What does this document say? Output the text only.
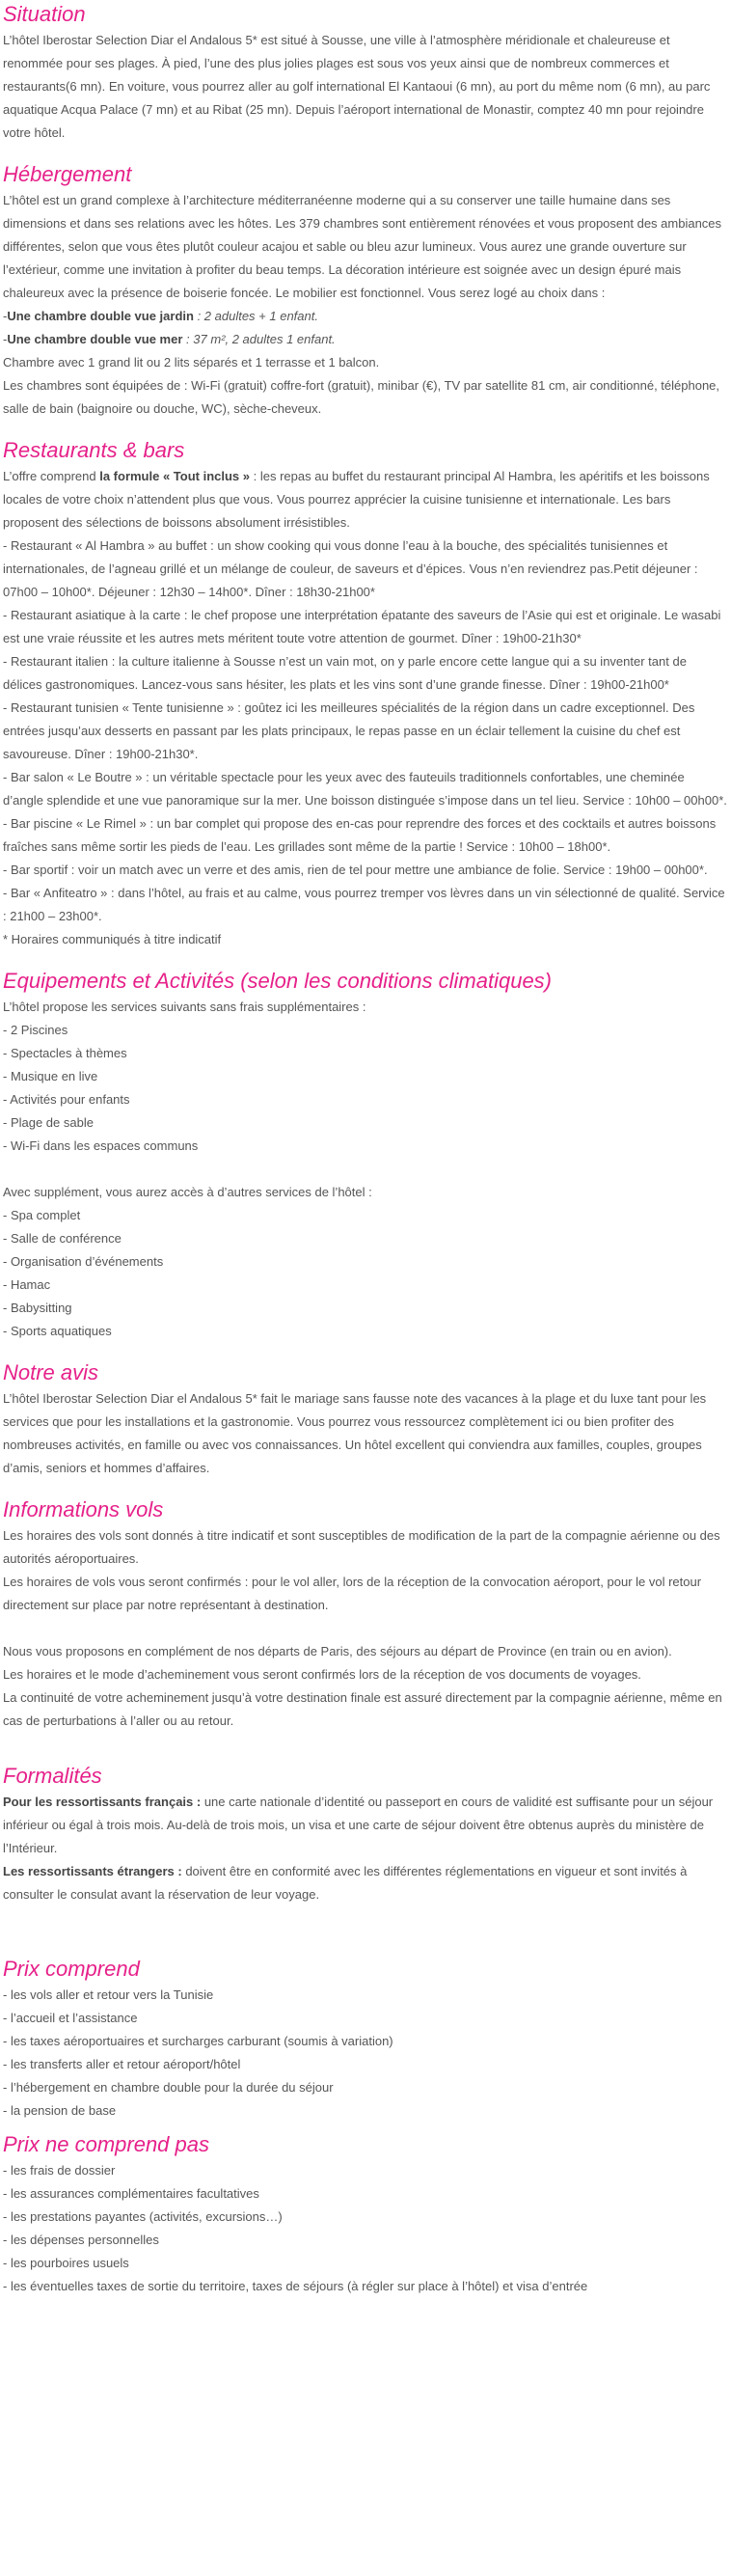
Situation

L’hôtel Iberostar Selection Diar el Andalous 5* est situé à Sousse, une ville à l’atmosphère méridionale et chaleureuse et renommée pour ses plages. À pied, l’une des plus jolies plages est sous vos yeux ainsi que de nombreux commerces et restaurants(6 mn). En voiture, vous pourrez aller au golf international El Kantaoui (6 mn), au port du même nom (6 mn), au parc aquatique Acqua Palace (7 mn) et au Ribat (25 mn). Depuis l’aéroport international de Monastir, comptez 40 mn pour rejoindre votre hôtel.

Hébergement

L’hôtel est un grand complexe à l’architecture méditerranéenne moderne qui a su conserver une taille humaine dans ses dimensions et dans ses relations avec les hôtes. Les 379 chambres sont entièrement rénovées et vous proposent des ambiances différentes, selon que vous êtes plutôt couleur acajou et sable ou bleu azur lumineux. Vous aurez une grande ouverture sur l’extérieur, comme une invitation à profiter du beau temps. La décoration intérieure est soignée avec un design épuré mais chaleureux avec la présence de boiserie foncée. Le mobilier est fonctionnel. Vous serez logé au choix dans :

-​Une chambre double vue jardin : 2 adultes + 1 enfant.

-​Une chambre double vue mer : 37 m², 2 adultes 1 enfant.

Chambre avec 1 grand lit ou 2 lits séparés et 1 terrasse et 1 balcon.

Les chambres sont équipées de : Wi-Fi (gratuit) coffre-fort (gratuit), minibar (€), TV par satellite 81 cm, air conditionné, téléphone, salle de bain (baignoire ou douche, WC), sèche-cheveux.

Restaurants & bars

L’offre comprend la formule « Tout inclus » : les repas au buffet du restaurant principal Al Hambra, les apéritifs et les boissons locales de votre choix n’attendent plus que vous. Vous pourrez apprécier la cuisine tunisienne et internationale. Les bars proposent des sélections de boissons absolument irrésistibles.

- Restaurant « Al Hambra » au buffet : un show cooking qui vous donne l’eau à la bouche, des spécialités tunisiennes et internationales, de l’agneau grillé et un mélange de couleur, de saveurs et d’épices. Vous n’en reviendrez pas.Petit déjeuner : 07h00 – 10h00*. Déjeuner : 12h30 – 14h00*. Dîner : 18h30-21h00*

- Restaurant asiatique à la carte : le chef propose une interprétation épatante des saveurs de l’Asie qui est et originale. Le wasabi est une vraie réussite et les autres mets méritent toute votre attention de gourmet. Dîner : 19h00-21h30*

- Restaurant italien : la culture italienne à Sousse n’est un vain mot, on y parle encore cette langue qui a su inventer tant de délices gastronomiques. Lancez-vous sans hésiter, les plats et les vins sont d’une grande finesse. Dîner : 19h00-21h00*

- Restaurant tunisien « Tente tunisienne » : goûtez ici les meilleures spécialités de la région dans un cadre exceptionnel. Des entrées jusqu’aux desserts en passant par les plats principaux, le repas passe en un éclair tellement la cuisine du chef est savoureuse. Dîner : 19h00-21h30*.

- Bar salon « Le Boutre » : un véritable spectacle pour les yeux avec des fauteuils traditionnels confortables, une cheminée d’angle splendide et une vue panoramique sur la mer. Une boisson distinguée s’impose dans un tel lieu. Service : 10h00 – 00h00*.

- Bar piscine « Le Rimel » : un bar complet qui propose des en-cas pour reprendre des forces et des cocktails et autres boissons fraîches sans même sortir les pieds de l’eau. Les grillades sont même de la partie ! Service : 10h00 – 18h00*.

- Bar sportif : voir un match avec un verre et des amis, rien de tel pour mettre une ambiance de folie. Service : 19h00 – 00h00*.

- Bar « Anfiteatro » : dans l’hôtel, au frais et au calme, vous pourrez tremper vos lèvres dans un vin sélectionné de qualité. Service : 21h00 – 23h00*.

* Horaires communiqués à titre indicatif

Equipements et Activités (selon les conditions climatiques)

L’hôtel propose les services suivants sans frais supplémentaires :

- 2 Piscines

- Spectacles à thèmes

- Musique en live

- Activités pour enfants

- Plage de sable

- Wi-Fi dans les espaces communs

Avec supplément, vous aurez accès à d’autres services de l’hôtel :

- Spa complet

- Salle de conférence

- Organisation d’événements

- Hamac

- Babysitting

- Sports aquatiques

Notre avis

L’hôtel Iberostar Selection Diar el Andalous 5* fait le mariage sans fausse note des vacances à la plage et du luxe tant pour les services que pour les installations et la gastronomie. Vous pourrez vous ressourcez complètement ici ou bien profiter des nombreuses activités, en famille ou avec vos connaissances. Un hôtel excellent qui conviendra aux familles, couples, groupes d’amis, seniors et hommes d’affaires.

Informations vols

Les horaires des vols sont donnés à titre indicatif et sont susceptibles de modification de la part de la compagnie aérienne ou des autorités aéroportuaires.

Les horaires de vols vous seront confirmés : pour le vol aller, lors de la réception de la convocation aéroport, pour le vol retour directement sur place par notre représentant à destination.

Nous vous proposons en complément de nos départs de Paris, des séjours au départ de Province (en train ou en avion).

Les horaires et le mode d’acheminement vous seront confirmés lors de la réception de vos documents de voyages.

La continuité de votre acheminement jusqu’à votre destination finale est assuré directement par la compagnie aérienne, même en cas de perturbations à l’aller ou au retour.

Formalités

Pour les ressortissants français : une carte nationale d’identité ou passeport en cours de validité est suffisante pour un séjour inférieur ou égal à trois mois. Au-delà de trois mois, un visa et une carte de séjour doivent être obtenus auprès du ministère de l’Intérieur.

Les ressortissants étrangers : doivent être en conformité avec les différentes réglementations en vigueur et sont invités à consulter le consulat avant la réservation de leur voyage.

Prix comprend

- les vols aller et retour vers la Tunisie

- l’accueil et l’assistance

- les taxes aéroportuaires et surcharges carburant (soumis à variation)

- les transferts aller et retour aéroport/hôtel

- l’hébergement en chambre double pour la durée du séjour

- la pension de base

Prix ne comprend pas

- les frais de dossier

- les assurances complémentaires facultatives

- les prestations payantes (activités, excursions…)

- les dépenses personnelles

- les pourboires usuels

- les éventuelles taxes de sortie du territoire, taxes de séjours (à régler sur place à l’hôtel) et visa d’entrée
